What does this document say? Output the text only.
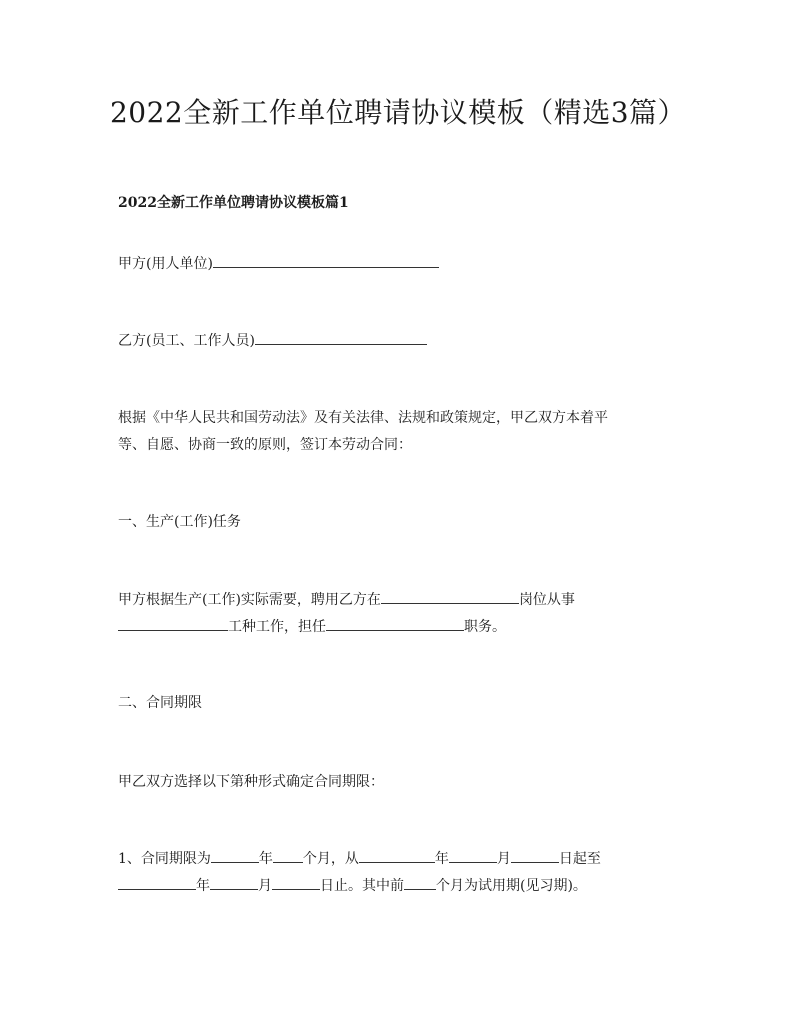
2022全新工作单位聘请协议模板（精选3篇）

2022全新工作单位聘请协议模板篇1

甲方(用人单位)

乙方(员工、工作人员)

根据《中华人民共和国劳动法》及有关法律、法规和政策规定，甲乙双方本着平
等、自愿、协商一致的原则，签订本劳动合同：

一、生产(工作)任务

甲方根据生产(工作)实际需要，聘用乙方在	岗位从事
工种工作，担任	职务。

二、合同期限

甲乙双方选择以下第种形式确定合同期限：

1、合同期限为	年 个月，从	年	月	日起至
年	月	日止。其中前 个月为试用期(见习期)。
